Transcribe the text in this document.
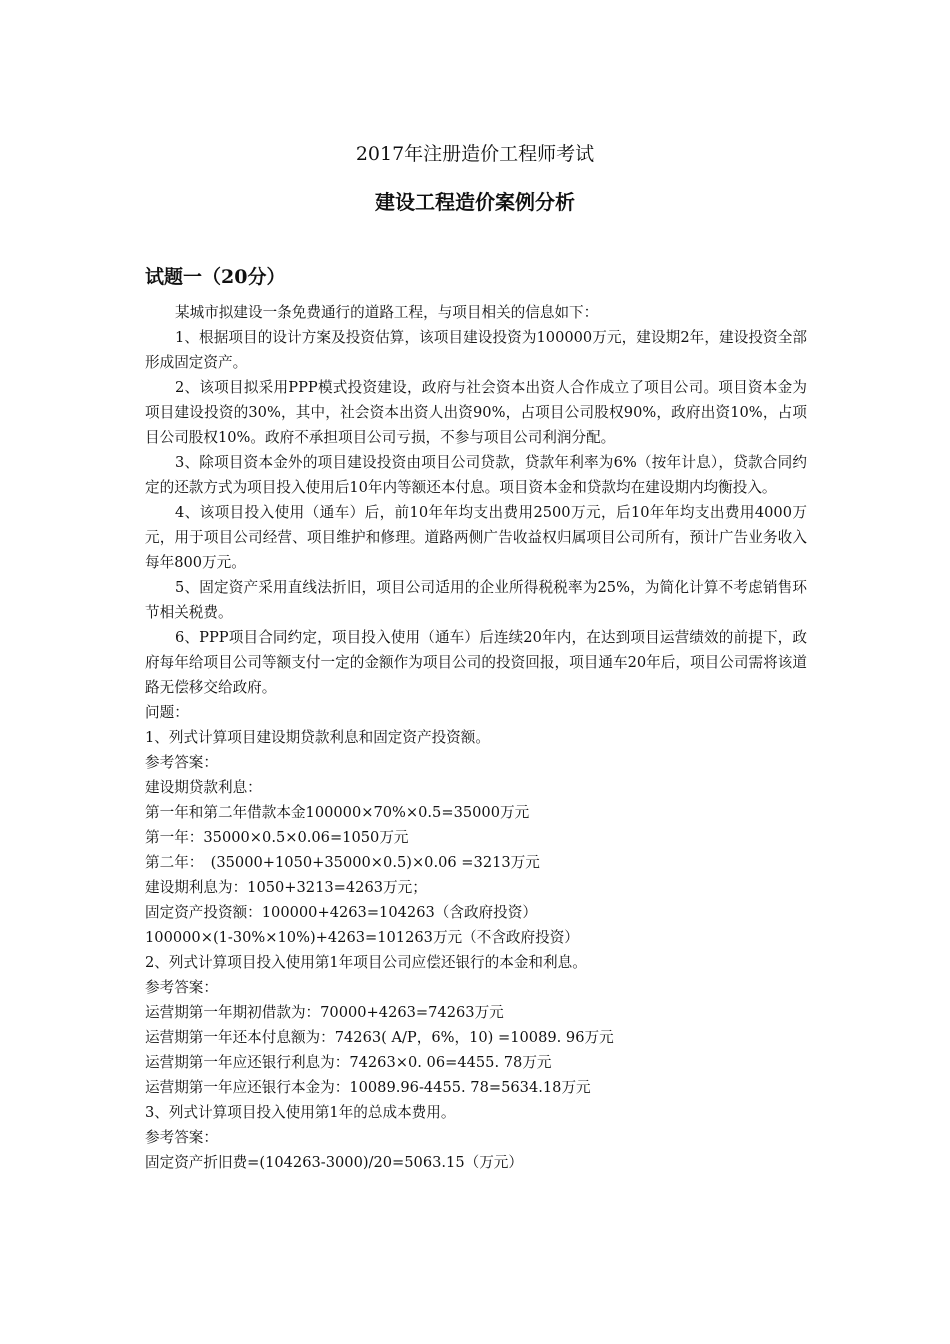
2017年注册造价工程师考试
建设工程造价案例分析
试题一（20分）

某城市拟建设一条免费通行的道路工程，与项目相关的信息如下：

1、根据项目的设计方案及投资估算，该项目建设投资为100000万元，建设期2年，建设投资全部形成固定资产。

2、该项目拟采用PPP模式投资建设，政府与社会资本出资人合作成立了项目公司。项目资本金为项目建设投资的30%，其中，社会资本出资人出资90%，占项目公司股权90%，政府出资10%，占项目公司股权10%。政府不承担项目公司亏损，不参与项目公司利润分配。

3、除项目资本金外的项目建设投资由项目公司贷款，贷款年利率为6%（按年计息），贷款合同约定的还款方式为项目投入使用后10年内等额还本付息。项目资本金和贷款均在建设期内均衡投入。

4、该项目投入使用（通车）后，前10年年均支出费用2500万元，后10年年均支出费用4000万元，用于项目公司经营、项目维护和修理。道路两侧广告收益权归属项目公司所有，预计广告业务收入每年800万元。

5、固定资产采用直线法折旧，项目公司适用的企业所得税税率为25%，为简化计算不考虑销售环节相关税费。

6、PPP项目合同约定，项目投入使用（通车）后连续20年内，在达到项目运营绩效的前提下，政府每年给项目公司等额支付一定的金额作为项目公司的投资回报，项目通车20年后，项目公司需将该道路无偿移交给政府。

问题：

1、列式计算项目建设期贷款利息和固定资产投资额。

参考答案：

建设期贷款利息：

第一年和第二年借款本金100000×70%×0.5=35000万元

第一年：35000×0.5×0.06=1050万元

第二年：　(35000+1050+35000×0.5)×0.06 =3213万元

建设期利息为：1050+3213=4263万元；

固定资产投资额：100000+4263=104263（含政府投资）

100000×(1-30%×10%)+4263=101263万元（不含政府投资）

2、列式计算项目投入使用第1年项目公司应偿还银行的本金和利息。

参考答案：

运营期第一年期初借款为：70000+4263=74263万元

运营期第一年还本付息额为：74263( A/P，6%，10) =10089. 96万元

运营期第一年应还银行利息为：74263×0. 06=4455. 78万元

运营期第一年应还银行本金为：10089.96-4455. 78=5634.18万元

3、列式计算项目投入使用第1年的总成本费用。

参考答案：

固定资产折旧费=(104263-3000)/20=5063.15（万元）
